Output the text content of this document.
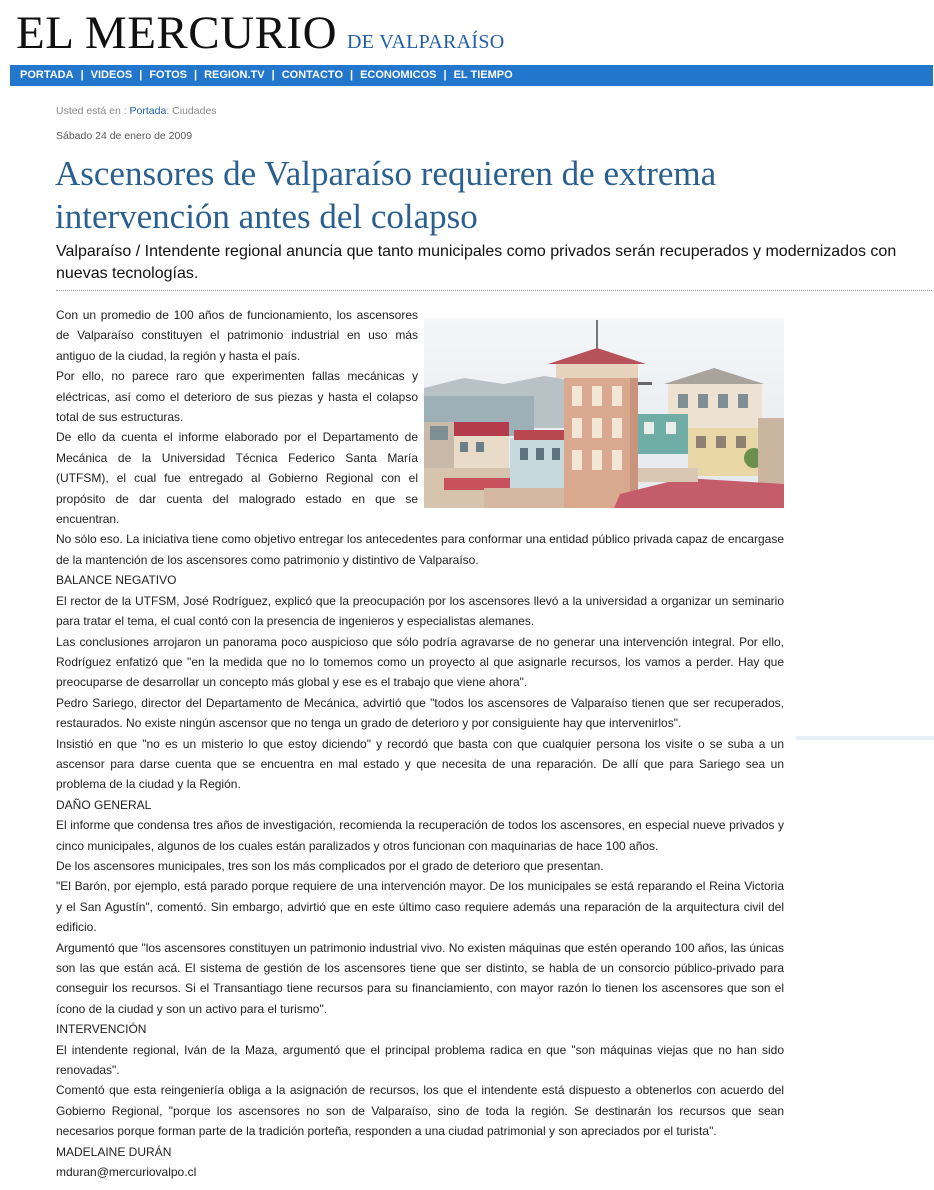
EL MERCURIO DE VALPARAÍSO
PORTADA | VIDEOS | FOTOS | REGION.TV | CONTACTO | ECONOMICOS | EL TIEMPO
Usted está en : Portada: Ciudades
Sábado 24 de enero de 2009
Ascensores de Valparaíso requieren de extrema intervención antes del colapso

Valparaíso / Intendente regional anuncia que tanto municipales como privados serán recuperados y modernizados con nuevas tecnologías.

Con un promedio de 100 años de funcionamiento, los ascensores de Valparaíso constituyen el patrimonio industrial en uso más antiguo de la ciudad, la región y hasta el país.

Por ello, no parece raro que experimenten fallas mecánicas y eléctricas, así como el deterioro de sus piezas y hasta el colapso total de sus estructuras.

De ello da cuenta el informe elaborado por el Departamento de Mecánica de la Universidad Técnica Federico Santa María (UTFSM), el cual fue entregado al Gobierno Regional con el propósito de dar cuenta del malogrado estado en que se encuentran.

No sólo eso. La iniciativa tiene como objetivo entregar los antecedentes para conformar una entidad público privada capaz de encargase de la mantención de los ascensores como patrimonio y distintivo de Valparaíso.

BALANCE NEGATIVO

El rector de la UTFSM, José Rodríguez, explicó que la preocupación por los ascensores llevó a la universidad a organizar un seminario para tratar el tema, el cual contó con la presencia de ingenieros y especialistas alemanes.

Las conclusiones arrojaron un panorama poco auspicioso que sólo podría agravarse de no generar una intervención integral. Por ello, Rodríguez enfatizó que "en la medida que no lo tomemos como un proyecto al que asignarle recursos, los vamos a perder. Hay que preocuparse de desarrollar un concepto más global y ese es el trabajo que viene ahora".

Pedro Sariego, director del Departamento de Mecánica, advirtió que "todos los ascensores de Valparaíso tienen que ser recuperados, restaurados. No existe ningún ascensor que no tenga un grado de deterioro y por consiguiente hay que intervenirlos".

Insistió en que "no es un misterio lo que estoy diciendo" y recordó que basta con que cualquier persona los visite o se suba a un ascensor para darse cuenta que se encuentra en mal estado y que necesita de una reparación. De allí que para Sariego sea un problema de la ciudad y la Región.

DAÑO GENERAL

El informe que condensa tres años de investigación, recomienda la recuperación de todos los ascensores, en especial nueve privados y cinco municipales, algunos de los cuales están paralizados y otros funcionan con maquinarias de hace 100 años.

De los ascensores municipales, tres son los más complicados por el grado de deterioro que presentan.

"El Barón, por ejemplo, está parado porque requiere de una intervención mayor. De los municipales se está reparando el Reina Victoria y el San Agustín", comentó. Sin embargo, advirtió que en este último caso requiere además una reparación de la arquitectura civil del edificio.

Argumentó que "los ascensores constituyen un patrimonio industrial vivo. No existen máquinas que estén operando 100 años, las únicas son las que están acá. El sistema de gestión de los ascensores tiene que ser distinto, se habla de un consorcio público-privado para conseguir los recursos. Si el Transantiago tiene recursos para su financiamiento, con mayor razón lo tienen los ascensores que son el ícono de la ciudad y son un activo para el turismo".

INTERVENCIÓN

El intendente regional, Iván de la Maza, argumentó que el principal problema radica en que "son máquinas viejas que no han sido renovadas".

Comentó que esta reingeniería obliga a la asignación de recursos, los que el intendente está dispuesto a obtenerlos con acuerdo del Gobierno Regional, "porque los ascensores no son de Valparaíso, sino de toda la región. Se destinarán los recursos que sean necesarios porque forman parte de la tradición porteña, responden a una ciudad patrimonial y son apreciados por el turista".

MADELAINE DURÁN

mduran@mercuriovalpo.cl
